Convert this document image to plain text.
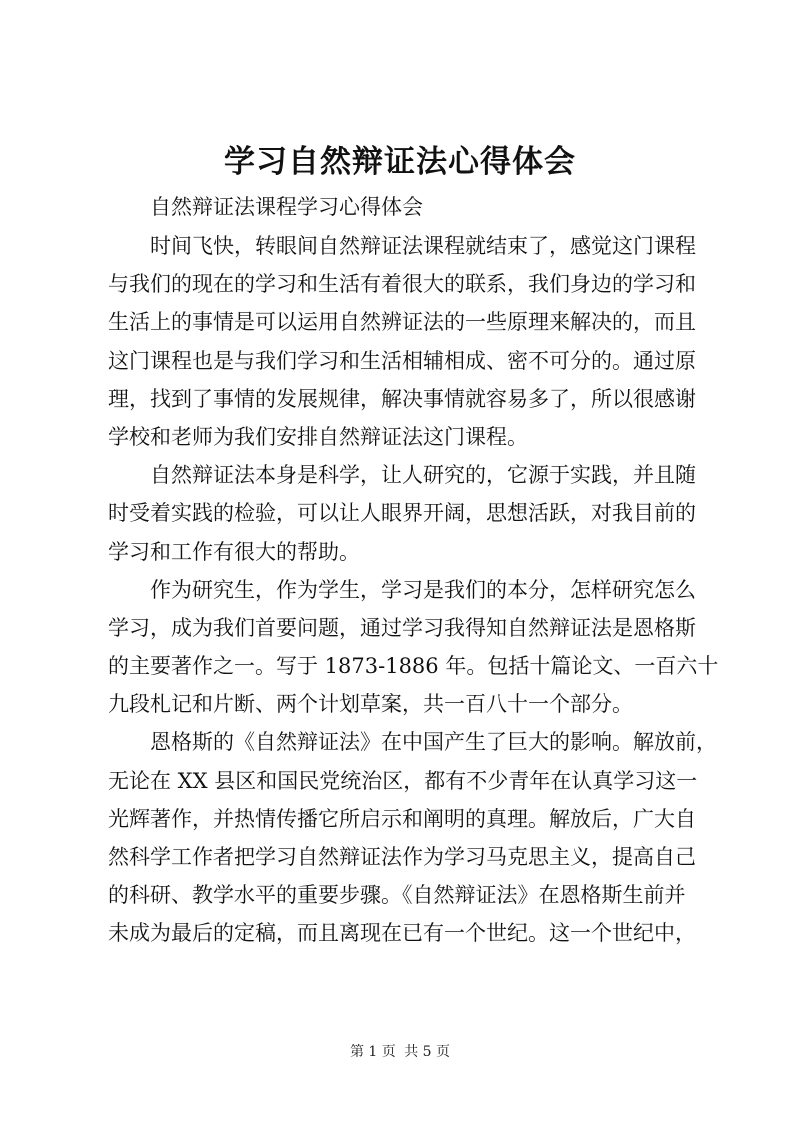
学习自然辩证法心得体会

自然辩证法课程学习心得体会

时间飞快，转眼间自然辩证法课程就结束了，感觉这门课程
与我们的现在的学习和生活有着很大的联系，我们身边的学习和
生活上的事情是可以运用自然辨证法的一些原理来解决的，而且
这门课程也是与我们学习和生活相辅相成、密不可分的。通过原
理，找到了事情的发展规律，解决事情就容易多了，所以很感谢
学校和老师为我们安排自然辩证法这门课程。

自然辩证法本身是科学，让人研究的，它源于实践，并且随
时受着实践的检验，可以让人眼界开阔，思想活跃，对我目前的
学习和工作有很大的帮助。

作为研究生，作为学生，学习是我们的本分，怎样研究怎么
学习，成为我们首要问题，通过学习我得知自然辩证法是恩格斯
的主要著作之一。写于 1873-1886 年。包括十篇论文、一百六十
九段札记和片断、两个计划草案，共一百八十一个部分。

恩格斯的《自然辩证法》在中国产生了巨大的影响。解放前，
无论在 XX 县区和国民党统治区，都有不少青年在认真学习这一
光辉著作，并热情传播它所启示和阐明的真理。解放后，广大自
然科学工作者把学习自然辩证法作为学习马克思主义，提高自己
的科研、教学水平的重要步骤。《自然辩证法》在恩格斯生前并
未成为最后的定稿，而且离现在已有一个世纪。这一个世纪中，

第 1 页 共 5 页
